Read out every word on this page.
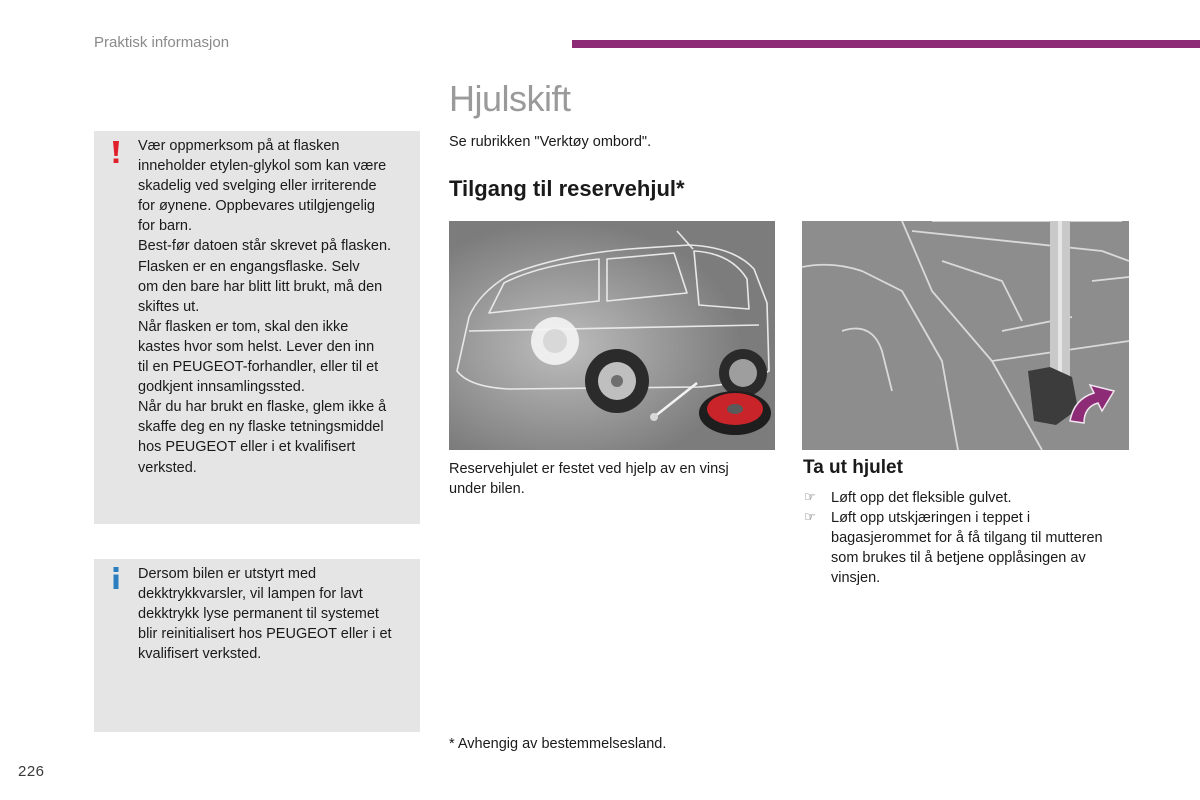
Praktisk informasjon
Hjulskift
Se rubrikken "Verktøy ombord".
Tilgang til reservehjul*
Vær oppmerksom på at flasken
inneholder etylen-glykol som kan være
skadelig ved svelging eller irriterende
for øynene. Oppbevares utilgjengelig
for barn.
Best-før datoen står skrevet på flasken.
Flasken er en engangsflaske. Selv
om den bare har blitt litt brukt, må den
skiftes ut.
Når flasken er tom, skal den ikke
kastes hvor som helst. Lever den inn
til en PEUGEOT-forhandler, eller til et
godkjent innsamlingssted.
Når du har brukt en flaske, glem ikke å
skaffe deg en ny flaske tetningsmiddel
hos PEUGEOT eller i et kvalifisert
verksted.
Dersom bilen er utstyrt med
dekktrykkvarsler, vil lampen for lavt
dekktrykk lyse permanent til systemet
blir reinitialisert hos PEUGEOT eller i et
kvalifisert verksted.
Reservehjulet er festet ved hjelp av en vinsj
under bilen.
Ta ut hjulet
☞ Løft opp det fleksible gulvet.
☞ Løft opp utskjæringen i teppet i
bagasjerommet for å få tilgang til mutteren
som brukes til å betjene opplåsingen av
vinsjen.
* Avhengig av bestemmelsesland.
226
